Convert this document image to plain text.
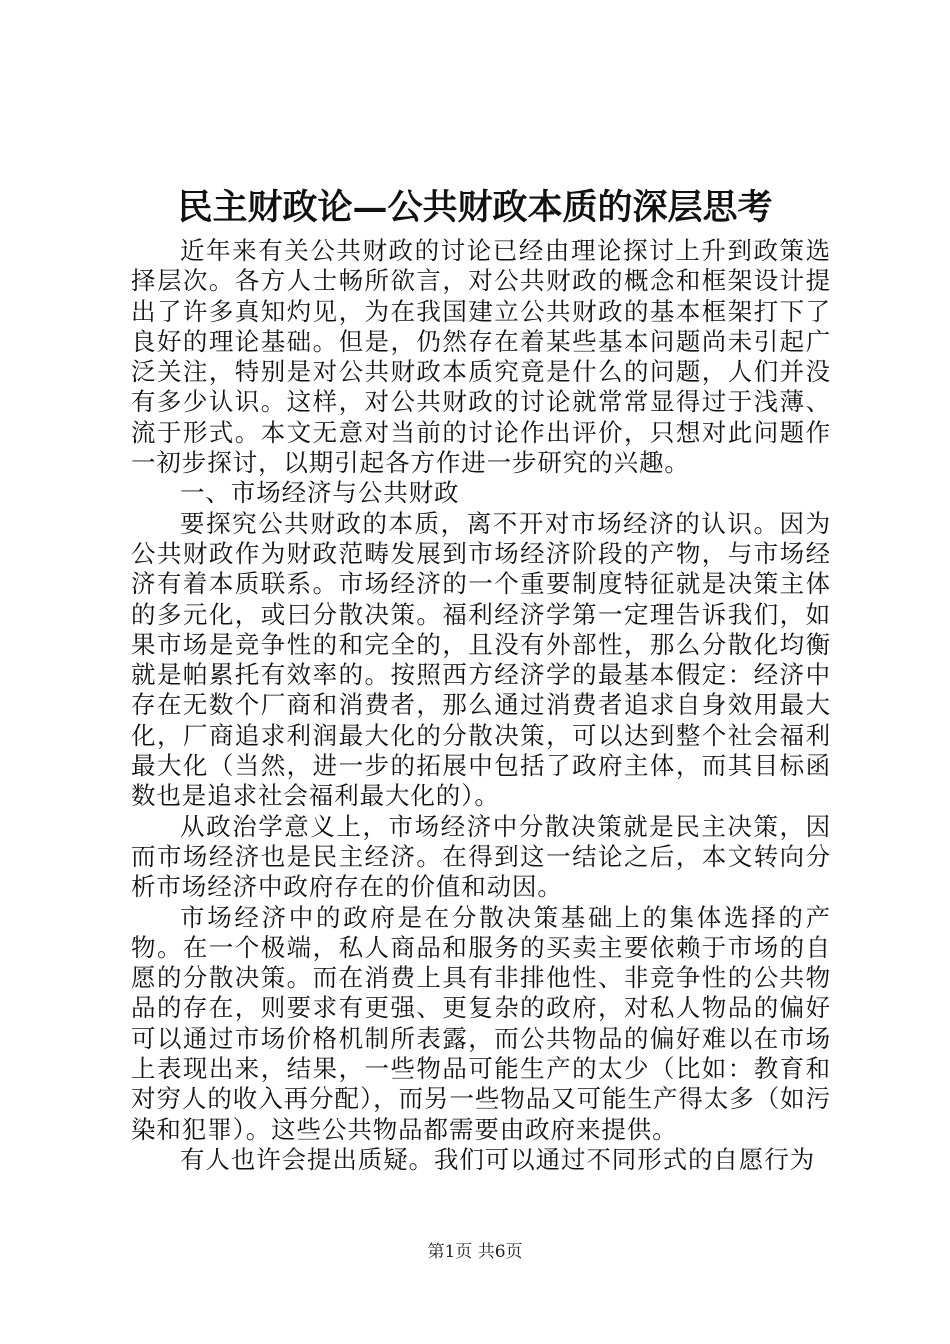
民主财政论—公共财政本质的深层思考

近年来有关公共财政的讨论已经由理论探讨上升到政策选择层次。各方人士畅所欲言，对公共财政的概念和框架设计提出了许多真知灼见，为在我国建立公共财政的基本框架打下了良好的理论基础。但是，仍然存在着某些基本问题尚未引起广泛关注，特别是对公共财政本质究竟是什么的问题，人们并没有多少认识。这样，对公共财政的讨论就常常显得过于浅薄、流于形式。本文无意对当前的讨论作出评价，只想对此问题作一初步探讨，以期引起各方作进一步研究的兴趣。

一、市场经济与公共财政

要探究公共财政的本质，离不开对市场经济的认识。因为公共财政作为财政范畴发展到市场经济阶段的产物，与市场经济有着本质联系。市场经济的一个重要制度特征就是决策主体的多元化，或曰分散决策。福利经济学第一定理告诉我们，如果市场是竞争性的和完全的，且没有外部性，那么分散化均衡就是帕累托有效率的。按照西方经济学的最基本假定：经济中存在无数个厂商和消费者，那么通过消费者追求自身效用最大化，厂商追求利润最大化的分散决策，可以达到整个社会福利最大化（当然，进一步的拓展中包括了政府主体，而其目标函数也是追求社会福利最大化的）。

从政治学意义上，市场经济中分散决策就是民主决策，因而市场经济也是民主经济。在得到这一结论之后，本文转向分析市场经济中政府存在的价值和动因。

市场经济中的政府是在分散决策基础上的集体选择的产物。在一个极端，私人商品和服务的买卖主要依赖于市场的自愿的分散决策。而在消费上具有非排他性、非竞争性的公共物品的存在，则要求有更强、更复杂的政府，对私人物品的偏好可以通过市场价格机制所表露，而公共物品的偏好难以在市场上表现出来，结果，一些物品可能生产的太少（比如：教育和对穷人的收入再分配），而另一些物品又可能生产得太多（如污染和犯罪）。这些公共物品都需要由政府来提供。

有人也许会提出质疑。我们可以通过不同形式的自愿行为

第1页 共6页
